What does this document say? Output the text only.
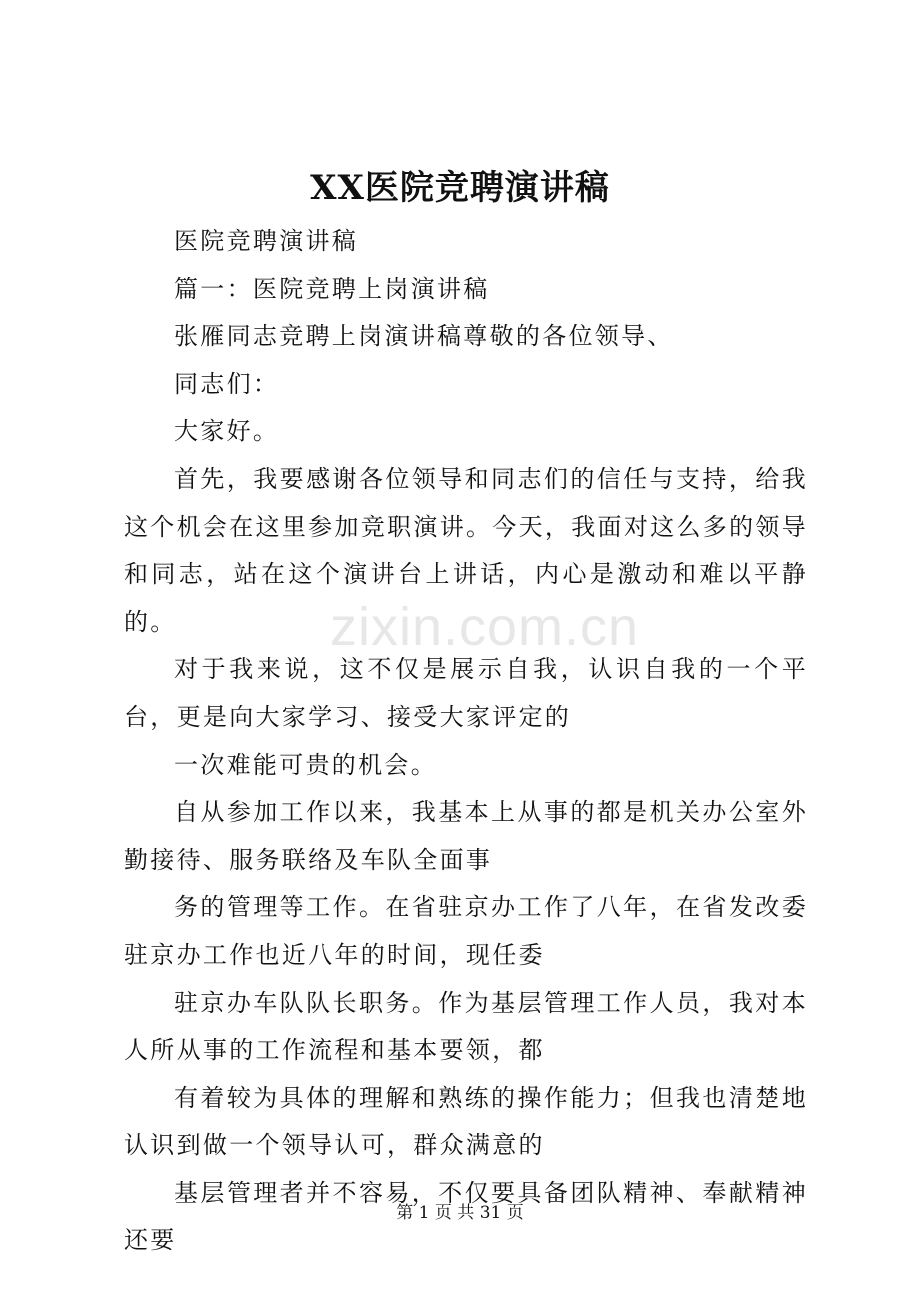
XX医院竞聘演讲稿

医院竞聘演讲稿

篇一：医院竞聘上岗演讲稿

张雁同志竞聘上岗演讲稿尊敬的各位领导、

同志们：

大家好。

首先，我要感谢各位领导和同志们的信任与支持，给我这个机会在这里参加竞职演讲。今天，我面对这么多的领导和同志，站在这个演讲台上讲话，内心是激动和难以平静的。

对于我来说，这不仅是展示自我，认识自我的一个平台，更是向大家学习、接受大家评定的

一次难能可贵的机会。

自从参加工作以来，我基本上从事的都是机关办公室外勤接待、服务联络及车队全面事

务的管理等工作。在省驻京办工作了八年，在省发改委驻京办工作也近八年的时间，现任委

驻京办车队队长职务。作为基层管理工作人员，我对本人所从事的工作流程和基本要领，都

有着较为具体的理解和熟练的操作能力；但我也清楚地认识到做一个领导认可，群众满意的

基层管理者并不容易，不仅要具备团队精神、奉献精神还要

zixin.com.cn
第 1 页 共 31 页
